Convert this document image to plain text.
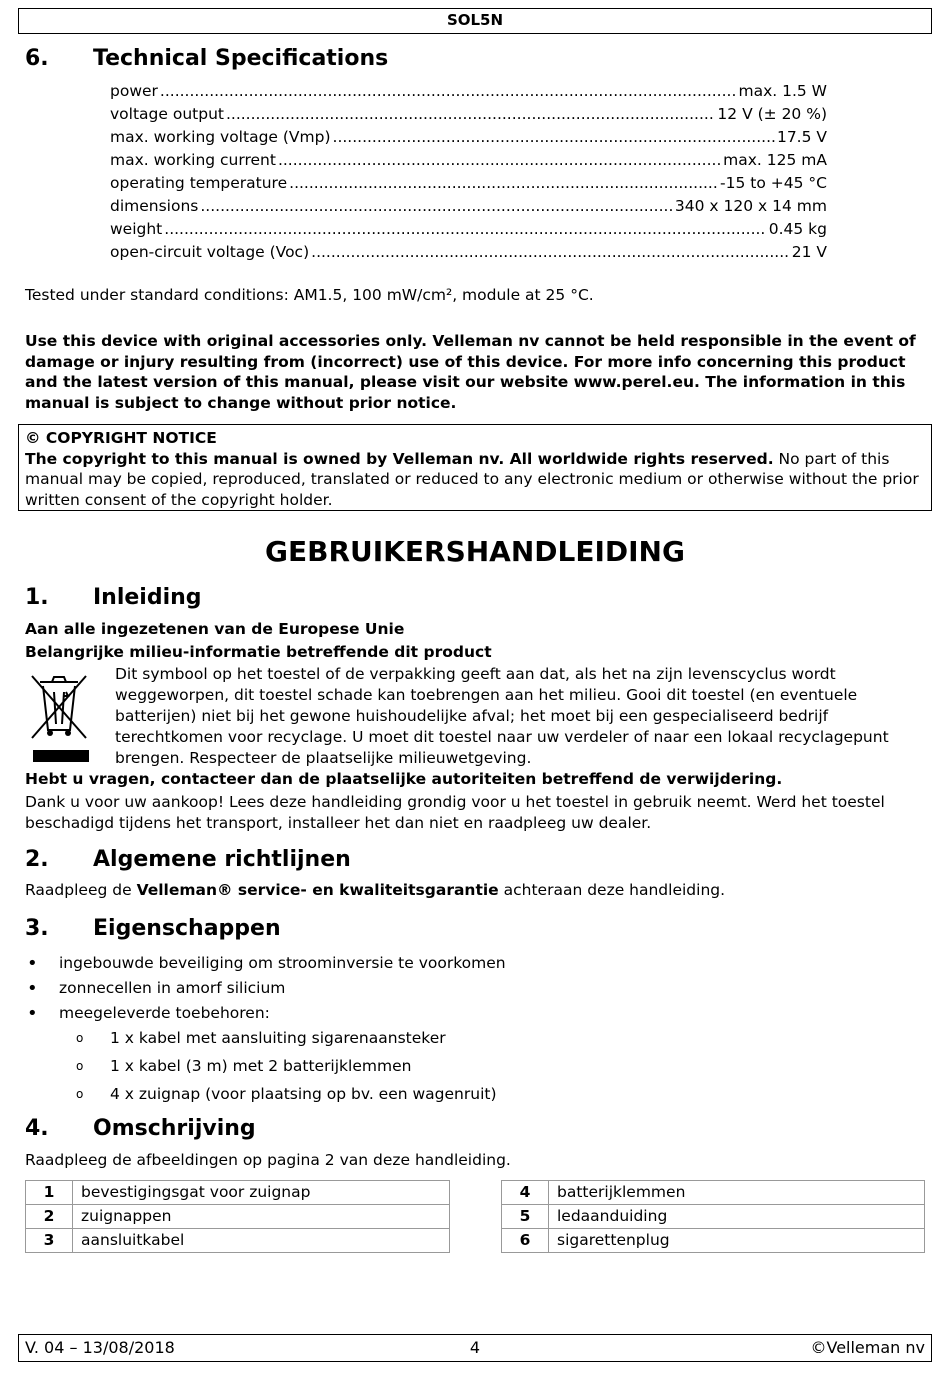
SOL5N
6. Technical Specifications
power .....	max. 1.5 W
voltage output .....	12 V (± 20 %)
max. working voltage (Vmp) .....	17.5 V
max. working current .....	max. 125 mA
operating temperature .....	-15 to +45 °C
dimensions .....	340 x 120 x 14 mm
weight .....	0.45 kg
open-circuit voltage (Voc) .....	21 V

Tested under standard conditions: AM1.5, 100 mW/cm², module at 25 °C.

Use this device with original accessories only. Velleman nv cannot be held responsible in the event of damage or injury resulting from (incorrect) use of this device. For more info concerning this product and the latest version of this manual, please visit our website www.perel.eu. The information in this manual is subject to change without prior notice.

© COPYRIGHT NOTICE
The copyright to this manual is owned by Velleman nv. All worldwide rights reserved. No part of this manual may be copied, reproduced, translated or reduced to any electronic medium or otherwise without the prior written consent of the copyright holder.
GEBRUIKERSHANDLEIDING
1. Inleiding

Aan alle ingezetenen van de Europese Unie

Belangrijke milieu-informatie betreffende dit product

Dit symbool op het toestel of de verpakking geeft aan dat, als het na zijn levenscyclus wordt weggeworpen, dit toestel schade kan toebrengen aan het milieu. Gooi dit toestel (en eventuele batterijen) niet bij het gewone huishoudelijke afval; het moet bij een gespecialiseerd bedrijf terechtkomen voor recyclage. U moet dit toestel naar uw verdeler of naar een lokaal recyclagepunt brengen. Respecteer de plaatselijke milieuwetgeving.

Hebt u vragen, contacteer dan de plaatselijke autoriteiten betreffend de verwijdering.

Dank u voor uw aankoop! Lees deze handleiding grondig voor u het toestel in gebruik neemt. Werd het toestel beschadigd tijdens het transport, installeer het dan niet en raadpleeg uw dealer.

2. Algemene richtlijnen

Raadpleeg de Velleman® service- en kwaliteitsgarantie achteraan deze handleiding.

3. Eigenschappen
• ingebouwde beveiliging om stroominversie te voorkomen
• zonnecellen in amorf silicium
• meegeleverde toebehoren:
o 1 x kabel met aansluiting sigarenaansteker
o 1 x kabel (3 m) met 2 batterijklemmen
o 4 x zuignap (voor plaatsing op bv. een wagenruit)
4. Omschrijving

Raadpleeg de afbeeldingen op pagina 2 van deze handleiding.

1	bevestigingsgat voor zuignap
2	zuignappen
3	aansluitkabel
4	batterijklemmen
5	ledaanduiding
6	sigarettenplug
V. 04 – 13/08/2018	4	©Velleman nv
